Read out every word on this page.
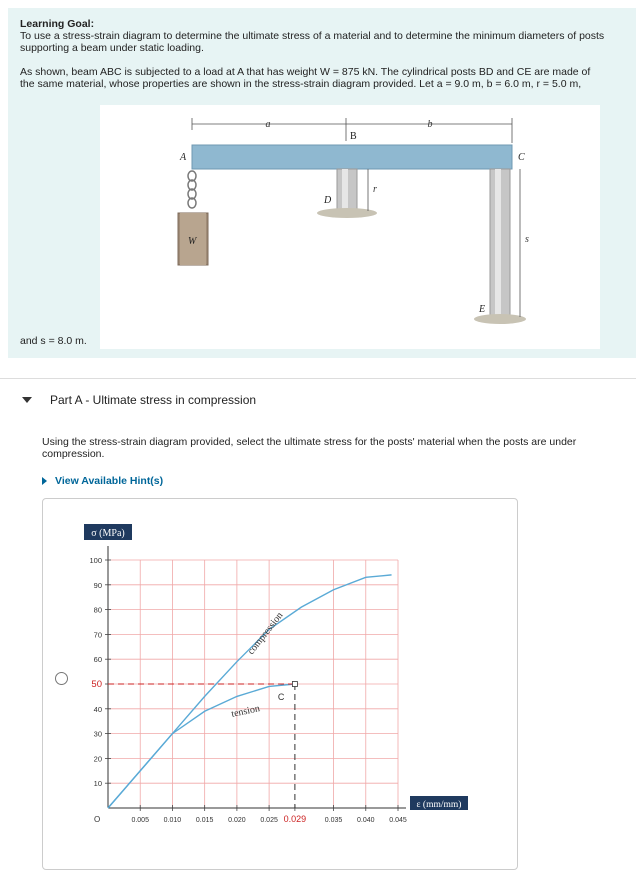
Learning Goal:
To use a stress-strain diagram to determine the ultimate stress of a material and to determine the minimum diameters of posts supporting a beam under static loading.
As shown, beam ABC is subjected to a load at A that has weight W = 875 kN. The cylindrical posts BD and CE are made of
the same material, whose properties are shown in the stress-strain diagram provided. Let a = 9.0 m, b = 6.0 m, r = 5.0 m,
a	b
B
A	C
W
D
r
E
s
and s = 8.0 m.
Part A - Ultimate stress in compression
Using the stress-strain diagram provided, select the ultimate stress for the posts' material when the posts are under compression.
View Available Hint(s)
10
20
30
40
50
60
70
80
90
100
0.005 0.010 0.015 0.020 0.025 0.029	0.035 0.040 0.045
σ (MPa)
ε (mm/mm)
O
compression
tension
C
